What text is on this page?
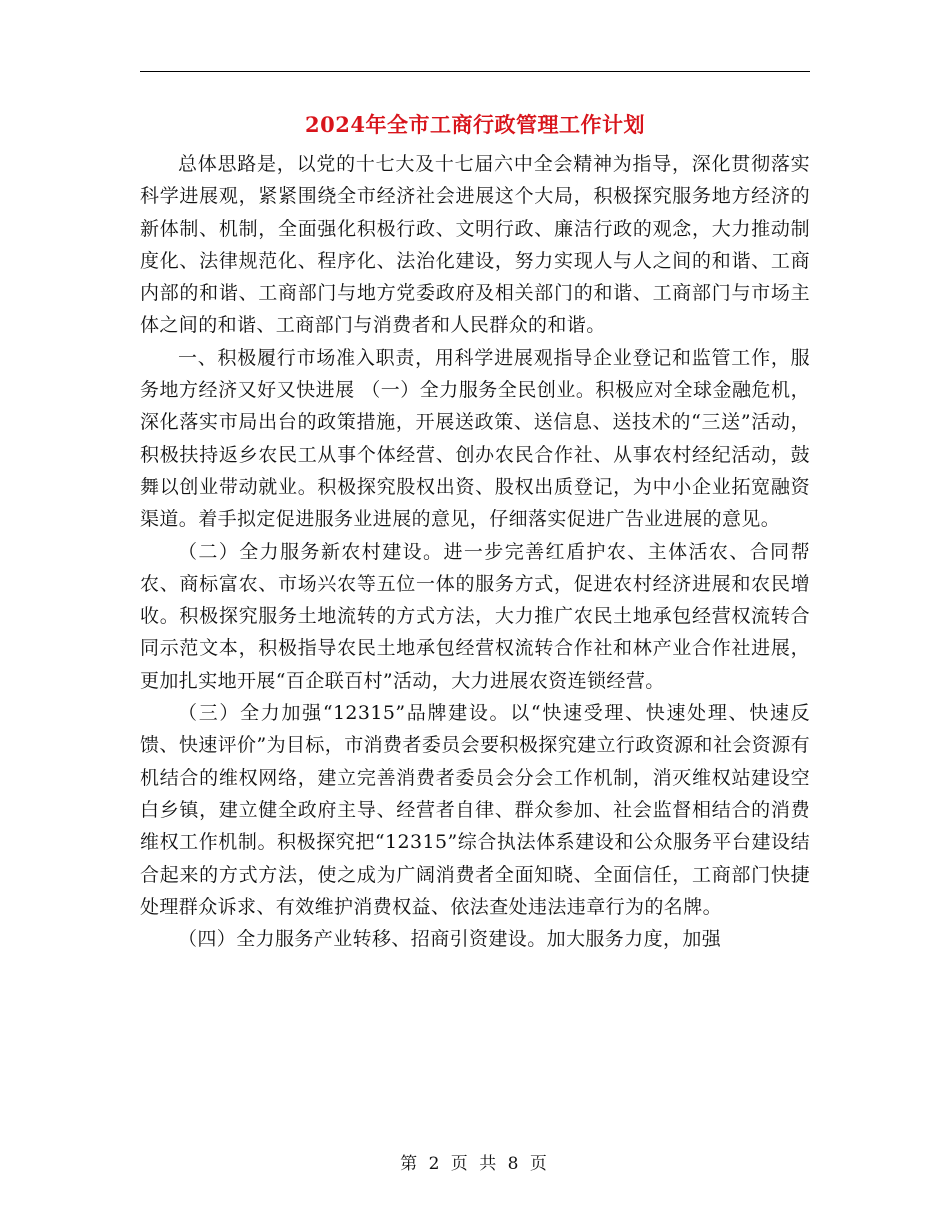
2024年全市工商行政管理工作计划

总体思路是，以党的十七大及十七届六中全会精神为指导，深化贯彻落实科学进展观，紧紧围绕全市经济社会进展这个大局，积极探究服务地方经济的新体制、机制，全面强化积极行政、文明行政、廉洁行政的观念，大力推动制度化、法律规范化、程序化、法治化建设，努力实现人与人之间的和谐、工商内部的和谐、工商部门与地方党委政府及相关部门的和谐、工商部门与市场主体之间的和谐、工商部门与消费者和人民群众的和谐。

一、积极履行市场准入职责，用科学进展观指导企业登记和监管工作，服务地方经济又好又快进展 （一）全力服务全民创业。积极应对全球金融危机，深化落实市局出台的政策措施，开展送政策、送信息、送技术的“三送”活动，积极扶持返乡农民工从事个体经营、创办农民合作社、从事农村经纪活动，鼓舞以创业带动就业。积极探究股权出资、股权出质登记，为中小企业拓宽融资渠道。着手拟定促进服务业进展的意见，仔细落实促进广告业进展的意见。

（二）全力服务新农村建设。进一步完善红盾护农、主体活农、合同帮农、商标富农、市场兴农等五位一体的服务方式，促进农村经济进展和农民增收。积极探究服务土地流转的方式方法，大力推广农民土地承包经营权流转合同示范文本，积极指导农民土地承包经营权流转合作社和林产业合作社进展，更加扎实地开展“百企联百村”活动，大力进展农资连锁经营。

（三）全力加强“12315”品牌建设。以“快速受理、快速处理、快速反馈、快速评价”为目标，市消费者委员会要积极探究建立行政资源和社会资源有机结合的维权网络，建立完善消费者委员会分会工作机制，消灭维权站建设空白乡镇，建立健全政府主导、经营者自律、群众参加、社会监督相结合的消费维权工作机制。积极探究把“12315”综合执法体系建设和公众服务平台建设结合起来的方式方法，使之成为广阔消费者全面知晓、全面信任，工商部门快捷处理群众诉求、有效维护消费权益、依法查处违法违章行为的名牌。

（四）全力服务产业转移、招商引资建设。加大服务力度，加强

第 2 页 共 8 页
